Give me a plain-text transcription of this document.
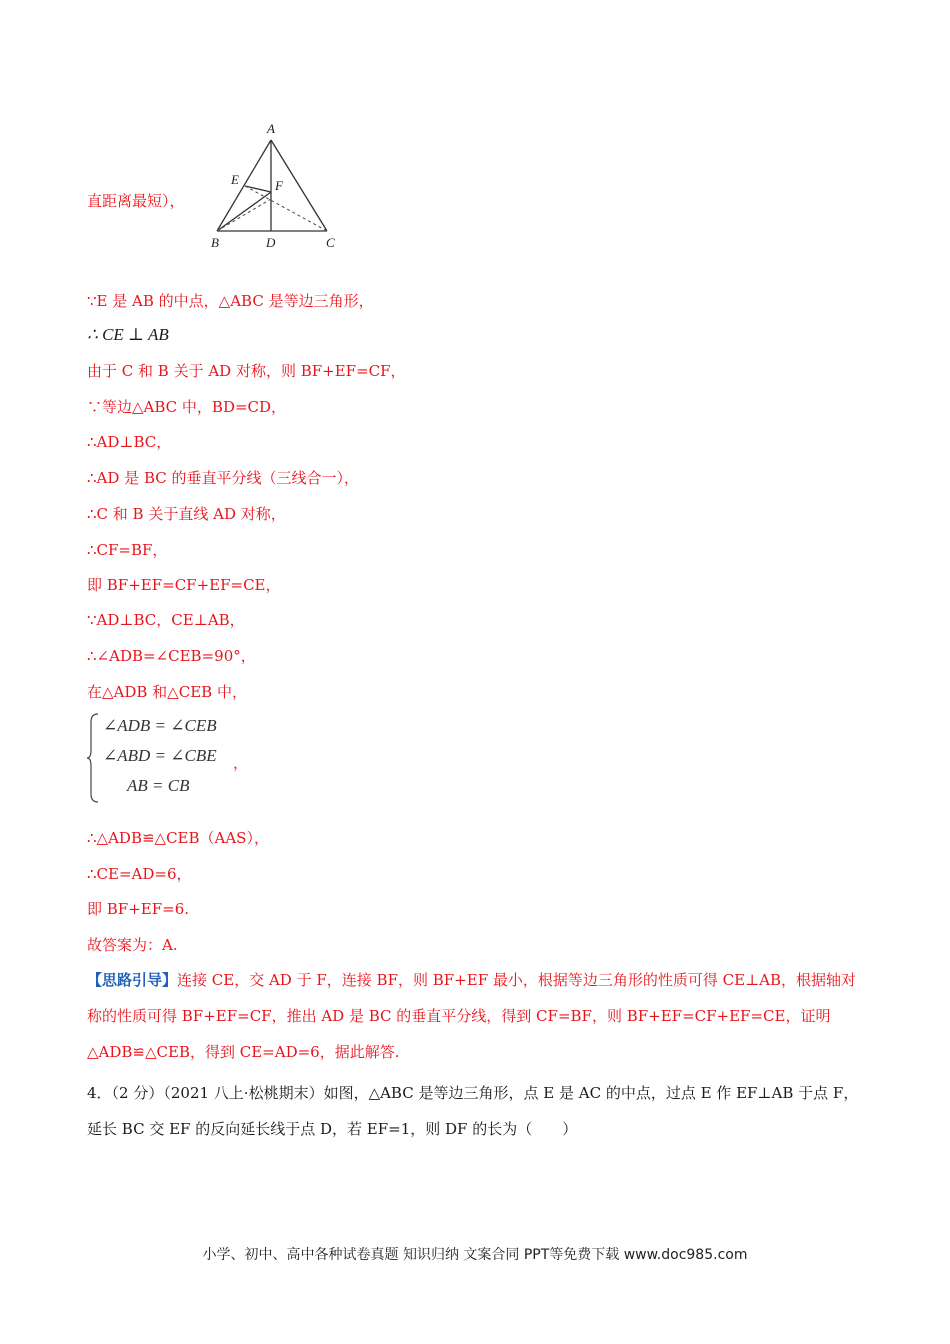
直距离最短），
A
E	F
B	D	C
∵E 是 AB 的中点，△ABC 是等边三角形，
∴ CE ⊥ AB
由于 C 和 B 关于 AD 对称，则 BF+EF=CF，
∵等边△ABC 中，BD=CD，
∴AD⊥BC，
∴AD 是 BC 的垂直平分线（三线合一），
∴C 和 B 关于直线 AD 对称，
∴CF=BF，
即 BF+EF=CF+EF=CE，
∵AD⊥BC，CE⊥AB，
∴∠ADB=∠CEB=90°，
在△ADB 和△CEB 中，
∠ADB = ∠CEB
∠ABD = ∠CBE
AB = CB
，
∴△ADB≌△CEB（AAS），
∴CE=AD=6，
即 BF+EF=6.
故答案为：A.
【思路引导】连接 CE，交 AD 于 F，连接 BF，则 BF+EF 最小，根据等边三角形的性质可得 CE⊥AB，根据轴对称的性质可得 BF+EF=CF，推出 AD 是 BC 的垂直平分线，得到 CF=BF，则 BF+EF=CF+EF=CE，证明△ADB≌△CEB，得到 CE=AD=6，据此解答.
4．（2 分）（2021 八上·松桃期末）如图，△ABC 是等边三角形，点 E 是 AC 的中点，过点 E 作 EF⊥AB 于点 F，延长 BC 交 EF 的反向延长线于点 D，若 EF=1，则 DF 的长为（　　）
小学、初中、高中各种试卷真题 知识归纳 文案合同 PPT等免费下载 www.doc985.com
